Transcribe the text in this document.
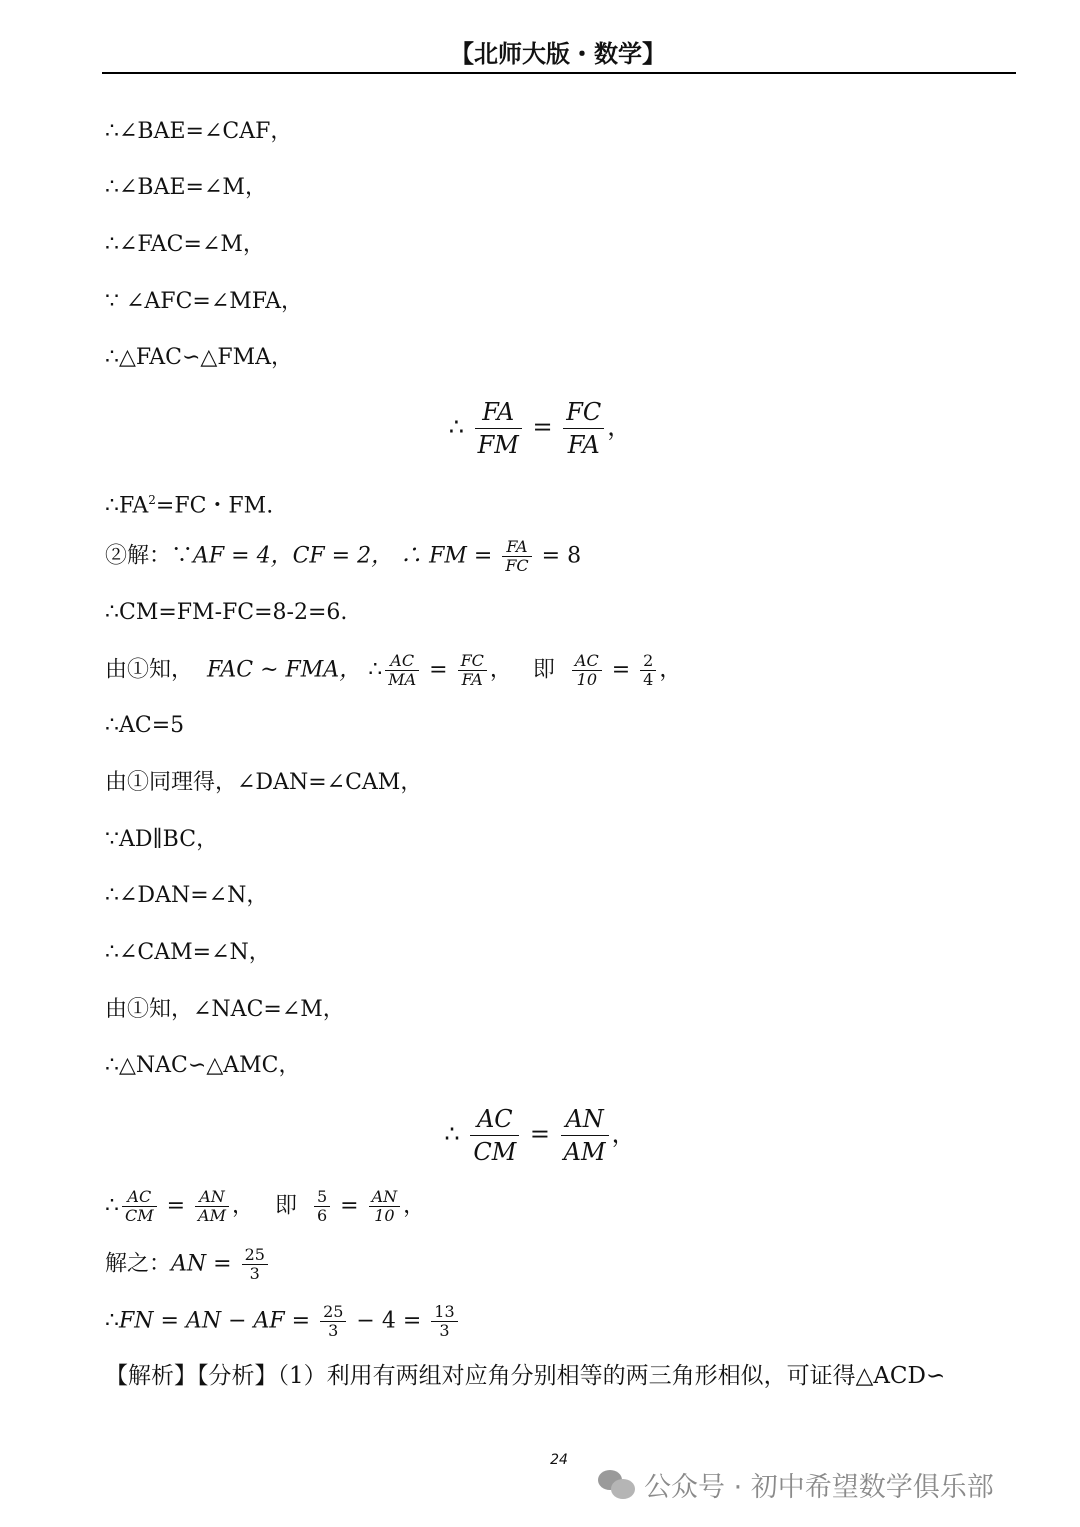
【北师大版・数学】
∴∠BAE=∠CAF，
∴∠BAE=∠M，
∴∠FAC=∠M，
∵ ∠AFC=∠MFA，
∴△FAC∽△FMA，
∴ $\frac{FA}{FM} = \frac{FC}{FA}$ ，
$\therefore FA^2=FC$・FM.
②解：∵AF = 4，CF = 2， ∴ FM = $\frac{FA}{FC} = 8$
∴CM=FM-FC=8-2=6.
由①知， FAC ~ FMA， ∴ $\frac{AC}{MA} = \frac{FC}{FA}$ ， 即 $\frac{AC}{10} = \frac{2}{4}$ ，
∴AC=5
由①同理得，∠DAN=∠CAM，
∵AD∥BC，
∴∠DAN=∠N，
∴∠CAM=∠N，
由①知，∠NAC=∠M，
∴△NAC∽△AMC，
∴ $\frac{AC}{CM} = \frac{AN}{AM}$ ，
∴ $\frac{AC}{CM} = \frac{AN}{AM}$ ， 即 $\frac{5}{6} = \frac{AN}{10}$ ，
解之：AN = $\frac{25}{3}$
∴FN = AN − AF = $\frac{25}{3} - 4 = \frac{13}{3}$
【解析】【分析】（1）利用有两组对应角分别相等的两三角形相似，可证得△ACD∽
24
公众号 · 初中希望数学俱乐部
